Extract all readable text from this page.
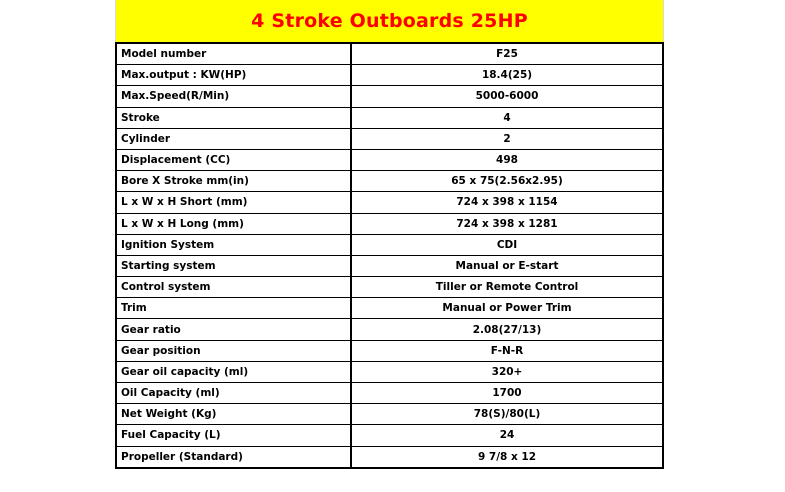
4 Stroke Outboards 25HP
Model number	F25
Max.output : KW(HP)	18.4(25)
Max.Speed(R/Min)	5000-6000
Stroke	4
Cylinder	2
Displacement (CC)	498
Bore X Stroke mm(in)	65 x 75(2.56x2.95)
L x W x H Short (mm)	724 x 398 x 1154
L x W x H Long (mm)	724 x 398 x 1281
Ignition System	CDI
Starting system	Manual or E-start
Control system	Tiller or Remote Control
Trim	Manual or Power Trim
Gear ratio	2.08(27/13)
Gear position	F-N-R
Gear oil capacity (ml)	320+
Oil Capacity (ml)	1700
Net Weight (Kg)	78(S)/80(L)
Fuel Capacity (L)	24
Propeller (Standard)	9 7/8 x 12
